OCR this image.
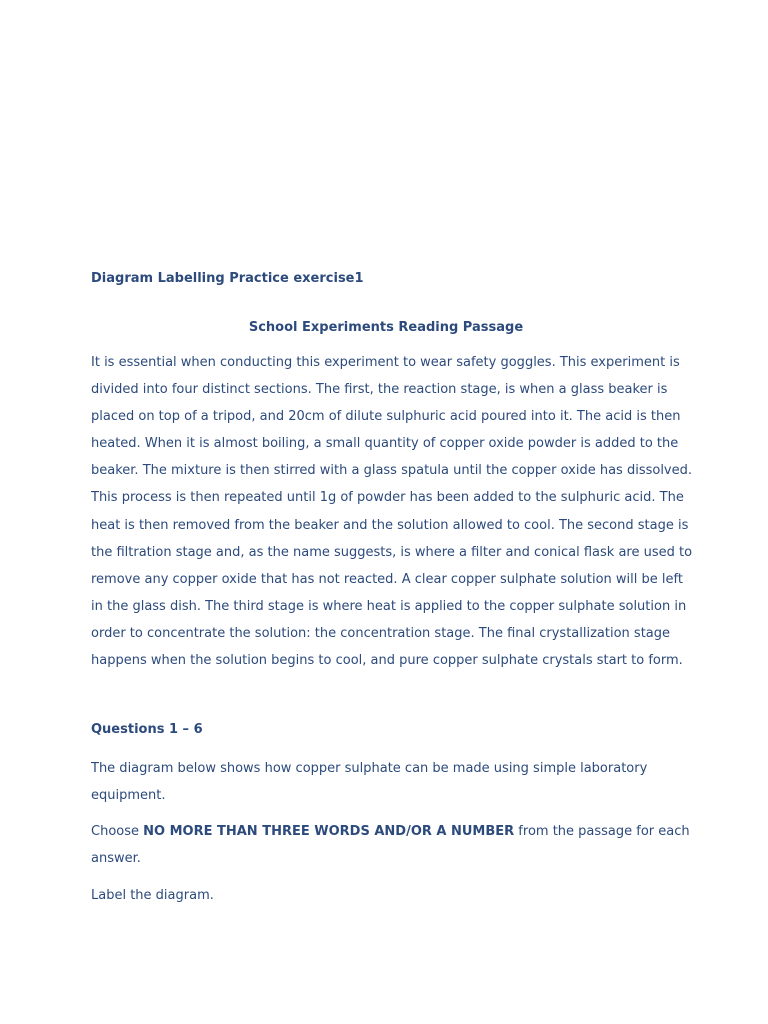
Diagram Labelling Practice exercise1

School Experiments Reading Passage

It is essential when conducting this experiment to wear safety goggles. This experiment is
divided into four distinct sections. The first, the reaction stage, is when a glass beaker is
placed on top of a tripod, and 20cm of dilute sulphuric acid poured into it. The acid is then
heated. When it is almost boiling, a small quantity of copper oxide powder is added to the
beaker. The mixture is then stirred with a glass spatula until the copper oxide has dissolved.
This process is then repeated until 1g of powder has been added to the sulphuric acid. The
heat is then removed from the beaker and the solution allowed to cool. The second stage is
the filtration stage and, as the name suggests, is where a filter and conical flask are used to
remove any copper oxide that has not reacted. A clear copper sulphate solution will be left
in the glass dish. The third stage is where heat is applied to the copper sulphate solution in
order to concentrate the solution: the concentration stage. The final crystallization stage
happens when the solution begins to cool, and pure copper sulphate crystals start to form.

Questions 1 – 6

The diagram below shows how copper sulphate can be made using simple laboratory
equipment.

Choose NO MORE THAN THREE WORDS AND/OR A NUMBER from the passage for each
answer.

Label the diagram.
